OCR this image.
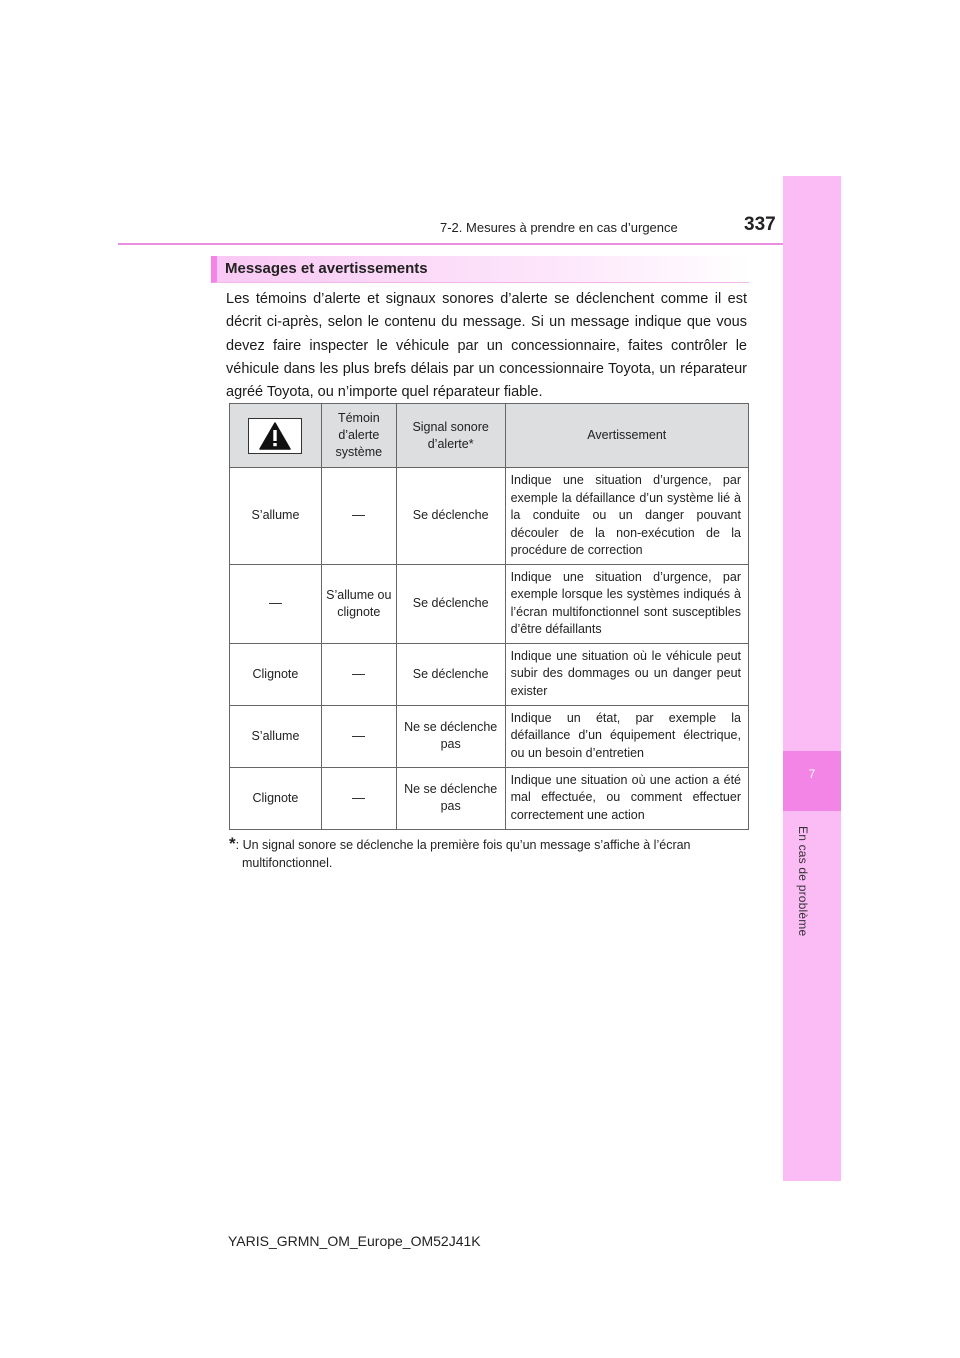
7-2. Mesures à prendre en cas d’urgence	337
7
En cas de problème
Messages et avertissements

Les témoins d’alerte et signaux sonores d’alerte se déclenchent comme il est décrit ci-après, selon le contenu du message. Si un message indique que vous devez faire inspecter le véhicule par un concessionnaire, faites contrôler le véhicule dans les plus brefs délais par un concessionnaire Toyota, un réparateur agréé Toyota, ou n’importe quel réparateur fiable.

	Témoin d’alerte système	Signal sonore d’alerte*	Avertissement
S’allume		Se déclenche	Indique une situation d’urgence, par exemple la défaillance d’un système lié à la conduite ou un danger pouvant découler de la non-exécution de la procédure de correction
	S’allume ou clignote	Se déclenche	Indique une situation d’urgence, par exemple lorsque les systèmes indiqués à l’écran multifonctionnel sont susceptibles d’être défaillants
Clignote		Se déclenche	Indique une situation où le véhicule peut subir des dommages ou un danger peut exister
S’allume		Ne se déclenche pas	Indique un état, par exemple la défaillance d’un équipement électrique, ou un besoin d’entretien
Clignote		Ne se déclenche pas	Indique une situation où une action a été mal effectuée, ou comment effectuer correctement une action
*: Un signal sonore se déclenche la première fois qu’un message s’affiche à l’écran
multifonctionnel.
YARIS_GRMN_OM_Europe_OM52J41K
